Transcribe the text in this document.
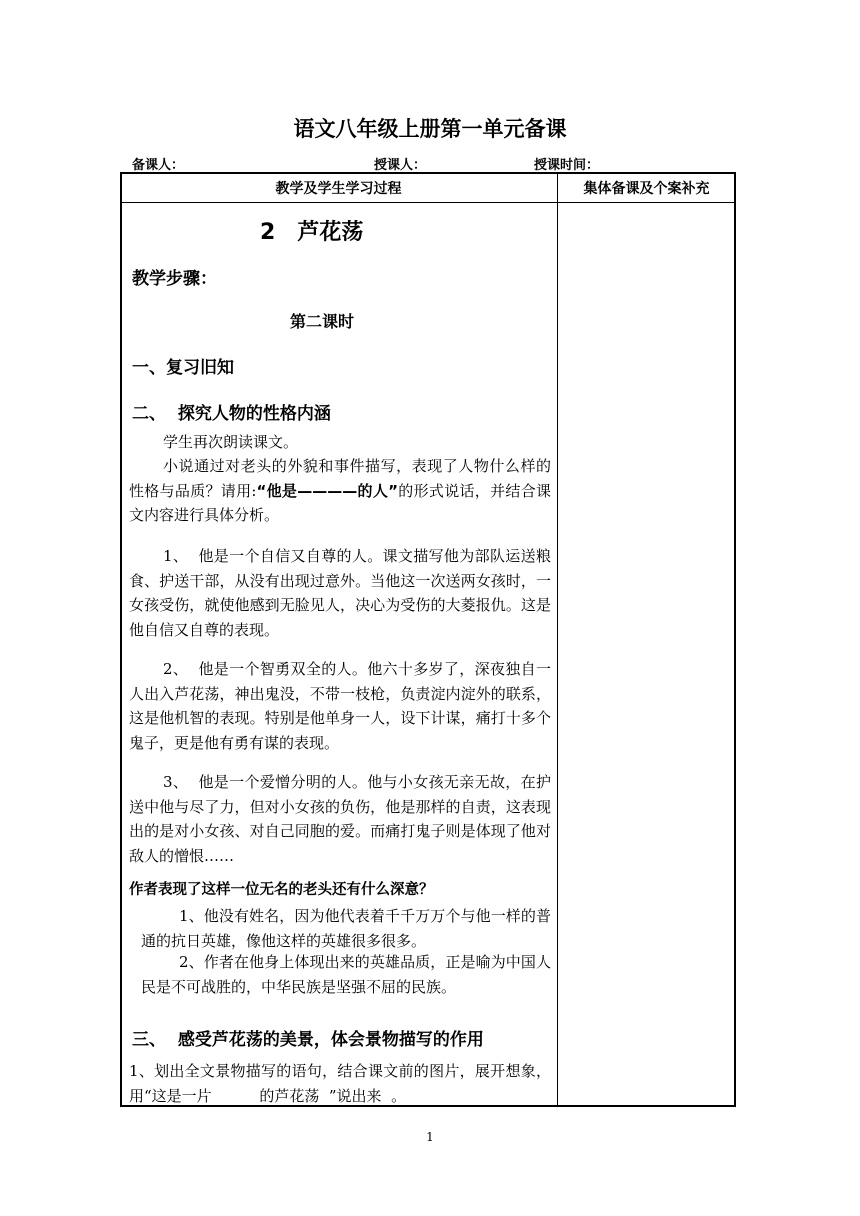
语文八年级上册第一单元备课
备课人：	授课人：	授课时间：
教学及学生学习过程	集体备课及个案补充
2 芦花荡
教学步骤：
第二课时
一、复习旧知
二、  探究人物的性格内涵
学生再次朗读课文。
小说通过对老头的外貌和事件描写，表现了人物什么样的性格与品质？请用:“他是————的人”的形式说话，并结合课文内容进行具体分析。
1、  他是一个自信又自尊的人。课文描写他为部队运送粮食、护送干部，从没有出现过意外。当他这一次送两女孩时，一女孩受伤，就使他感到无脸见人，决心为受伤的大菱报仇。这是他自信又自尊的表现。
2、  他是一个智勇双全的人。他六十多岁了，深夜独自一人出入芦花荡，神出鬼没，不带一枝枪，负责淀内淀外的联系，这是他机智的表现。特别是他单身一人，设下计谋，痛打十多个鬼子，更是他有勇有谋的表现。
3、  他是一个爱憎分明的人。他与小女孩无亲无故，在护送中他与尽了力，但对小女孩的负伤，他是那样的自责，这表现出的是对小女孩、对自己同胞的爱。而痛打鬼子则是体现了他对敌人的憎恨……
作者表现了这样一位无名的老头还有什么深意？
1、他没有姓名，因为他代表着千千万万个与他一样的普通的抗日英雄，像他这样的英雄很多很多。
2、作者在他身上体现出来的英雄品质，正是喻为中国人民是不可战胜的，中华民族是坚强不屈的民族。
三、  感受芦花荡的美景，体会景物描写的作用
1、划出全文景物描写的语句，结合课文前的图片，展开想象，用“这是一片          的芦花荡  ”说出来  。
1
